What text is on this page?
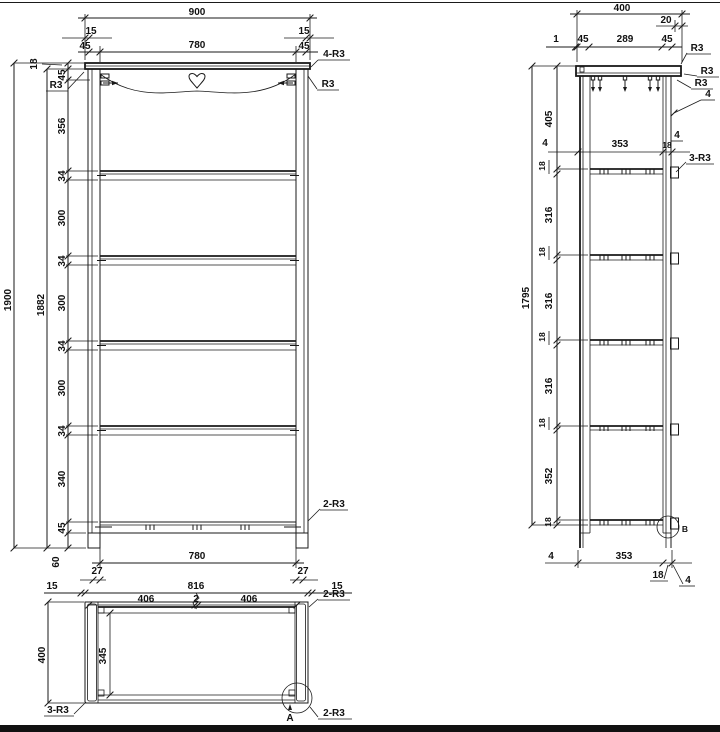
900
15	15
45	45
780
4-R3
R3	R3
1900 1882
18
45
356
34
300
34
300
34
300
34
340
45
60
2-R3
780
27	27
15	15
816
406	406
2	2-R3
400	345
3-R3	2-R3
A
B
400
20
1 45	289	45
R3
R3
R3
4
1795
405
18
316
18
316
18
316
18
352
18
4	353	18
4
3-R3
4	353
18 4
